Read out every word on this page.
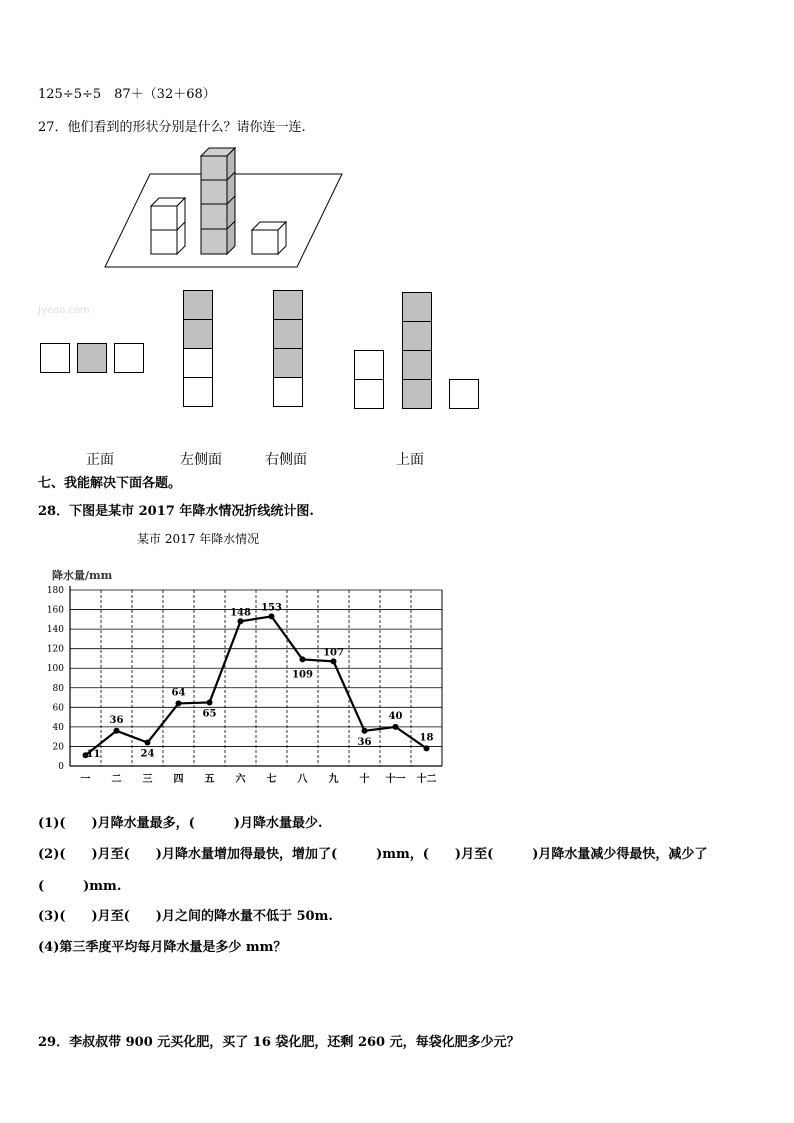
125÷5÷5　87＋（32＋68）
27．他们看到的形状分别是什么？请你连一连.
Jyeoo.com
正面	左侧面	右侧面	上面
七、我能解决下面各题。
28．下图是某市 2017 年降水情况折线统计图.
某市 2017 年降水情况
降水量/mm
0
20
40
60
80
100
120
140
160
180
一 二 三 四 五 六 七 八 九 十 十一 十二
11
36
24
64
65
148 153
109
107
36
40
18
(1)(　　)月降水量最多，(　　　)月降水量最少.
(2)(　　)月至(　　)月降水量增加得最快，增加了(　　　)mm，(　　)月至(　　　)月降水量减少得最快，减少了
(　　　)mm.
(3)(　　)月至(　　)月之间的降水量不低于 50m.
(4)第三季度平均每月降水量是多少 mm？
29．李叔叔带 900 元买化肥，买了 16 袋化肥，还剩 260 元，每袋化肥多少元？
